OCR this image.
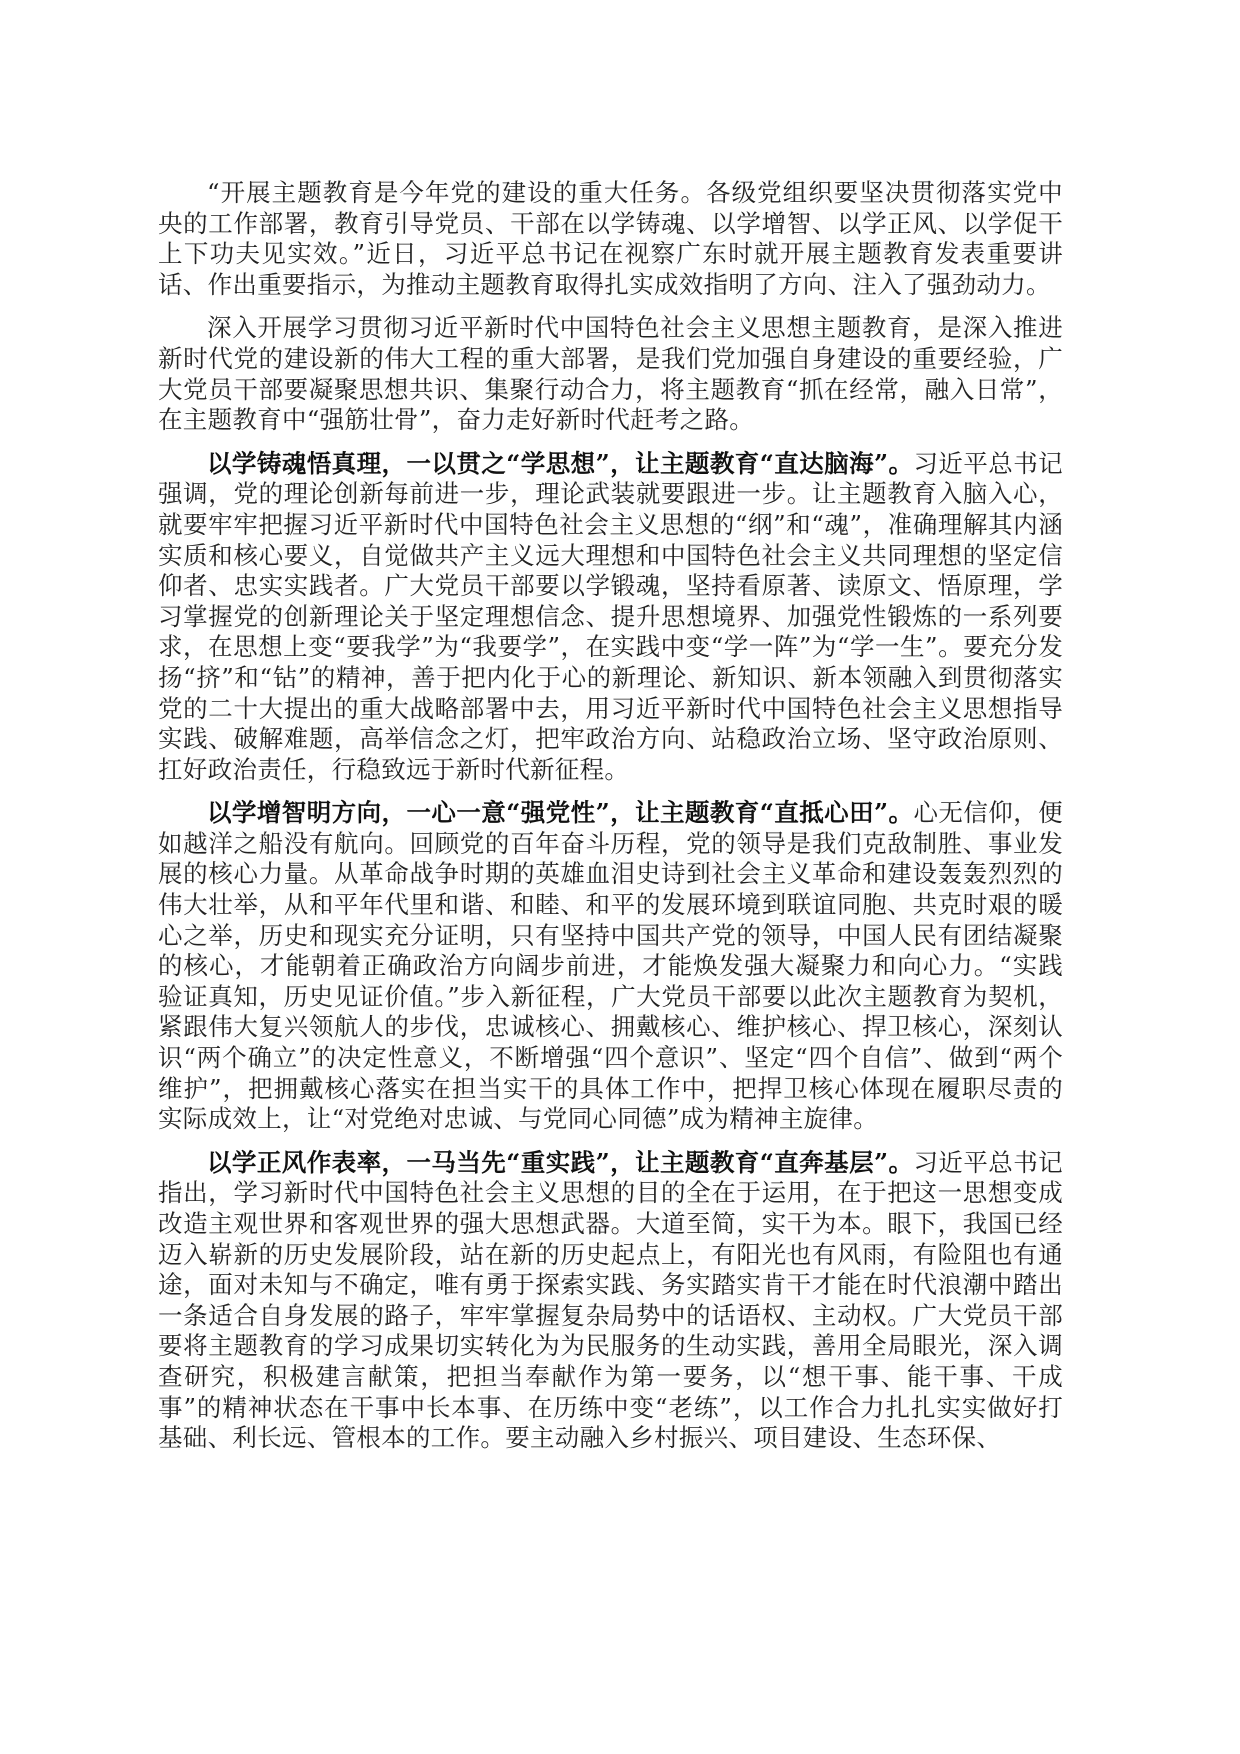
“开展主题教育是今年党的建设的重大任务。各级党组织要坚决贯彻落实党中央的工作部署，教育引导党员、干部在以学铸魂、以学增智、以学正风、以学促干上下功夫见实效。”近日，习近平总书记在视察广东时就开展主题教育发表重要讲话、作出重要指示，为推动主题教育取得扎实成效指明了方向、注入了强劲动力。

深入开展学习贯彻习近平新时代中国特色社会主义思想主题教育，是深入推进新时代党的建设新的伟大工程的重大部署，是我们党加强自身建设的重要经验，广大党员干部要凝聚思想共识、集聚行动合力，将主题教育“抓在经常，融入日常”，在主题教育中“强筋壮骨”，奋力走好新时代赶考之路。

以学铸魂悟真理，一以贯之“学思想”，让主题教育“直达脑海”。习近平总书记强调，党的理论创新每前进一步，理论武装就要跟进一步。让主题教育入脑入心，就要牢牢把握习近平新时代中国特色社会主义思想的“纲”和“魂”，准确理解其内涵实质和核心要义，自觉做共产主义远大理想和中国特色社会主义共同理想的坚定信仰者、忠实实践者。广大党员干部要以学锻魂，坚持看原著、读原文、悟原理，学习掌握党的创新理论关于坚定理想信念、提升思想境界、加强党性锻炼的一系列要求，在思想上变“要我学”为“我要学”，在实践中变“学一阵”为“学一生”。要充分发扬“挤”和“钻”的精神，善于把内化于心的新理论、新知识、新本领融入到贯彻落实党的二十大提出的重大战略部署中去，用习近平新时代中国特色社会主义思想指导实践、破解难题，高举信念之灯，把牢政治方向、站稳政治立场、坚守政治原则、扛好政治责任，行稳致远于新时代新征程。

以学增智明方向，一心一意“强党性”，让主题教育“直抵心田”。心无信仰，便如越洋之船没有航向。回顾党的百年奋斗历程，党的领导是我们克敌制胜、事业发展的核心力量。从革命战争时期的英雄血泪史诗到社会主义革命和建设轰轰烈烈的伟大壮举，从和平年代里和谐、和睦、和平的发展环境到联谊同胞、共克时艰的暖心之举，历史和现实充分证明，只有坚持中国共产党的领导，中国人民有团结凝聚的核心，才能朝着正确政治方向阔步前进，才能焕发强大凝聚力和向心力。“实践验证真知，历史见证价值。”步入新征程，广大党员干部要以此次主题教育为契机，紧跟伟大复兴领航人的步伐，忠诚核心、拥戴核心、维护核心、捍卫核心，深刻认识“两个确立”的决定性意义，不断增强“四个意识”、坚定“四个自信”、做到“两个维护”，把拥戴核心落实在担当实干的具体工作中，把捍卫核心体现在履职尽责的实际成效上，让“对党绝对忠诚、与党同心同德”成为精神主旋律。

以学正风作表率，一马当先“重实践”，让主题教育“直奔基层”。习近平总书记指出，学习新时代中国特色社会主义思想的目的全在于运用，在于把这一思想变成改造主观世界和客观世界的强大思想武器。大道至简，实干为本。眼下，我国已经迈入崭新的历史发展阶段，站在新的历史起点上，有阳光也有风雨，有险阻也有通途，面对未知与不确定，唯有勇于探索实践、务实踏实肯干才能在时代浪潮中踏出一条适合自身发展的路子，牢牢掌握复杂局势中的话语权、主动权。广大党员干部要将主题教育的学习成果切实转化为为民服务的生动实践，善用全局眼光，深入调查研究，积极建言献策，把担当奉献作为第一要务，以“想干事、能干事、干成事”的精神状态在干事中长本事、在历练中变“老练”，以工作合力扎扎实实做好打基础、利长远、管根本的工作。要主动融入乡村振兴、项目建设、生态环保、
